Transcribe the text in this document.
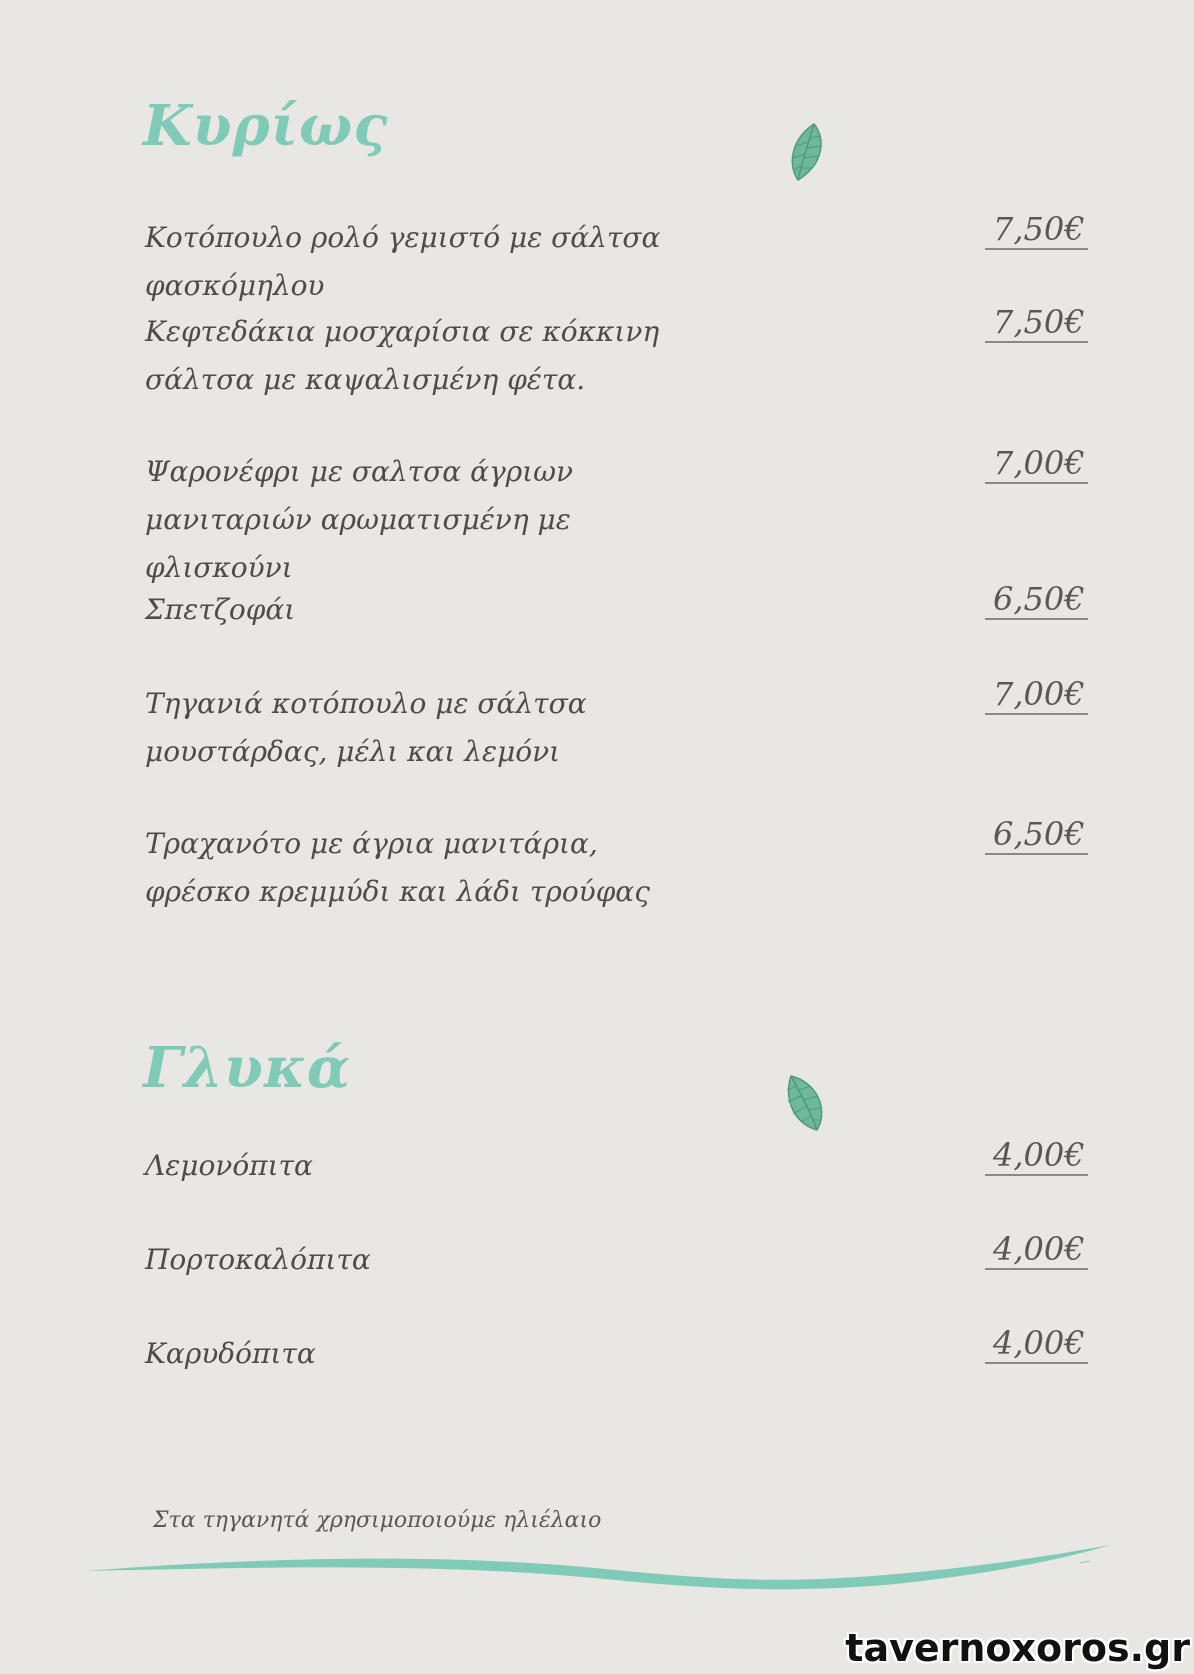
Κυρίως
Κοτόπουλο ρολό γεμιστό με σάλτσα φασκόμηλου
7,50€
Κεφτεδάκια μοσχαρίσια σε κόκκινη σάλτσα με καψαλισμένη φέτα.
7,50€
Ψαρονέφρι με σαλτσα άγριων μανιταριών αρωματισμένη με φλισκούνι
7,00€
Σπετζοφάι	6,50€
Τηγανιά κοτόπουλο με σάλτσα μουστάρδας, μέλι και λεμόνι
7,00€
Τραχανότο με άγρια μανιτάρια, φρέσκο κρεμμύδι και λάδι τρούφας
6,50€
Γλυκά
Λεμονόπιτα	4,00€
Πορτοκαλόπιτα	4,00€
Καρυδόπιτα	4,00€
Στα τηγανητά χρησιμοποιούμε ηλιέλαιο
tavernoxoros.gr
